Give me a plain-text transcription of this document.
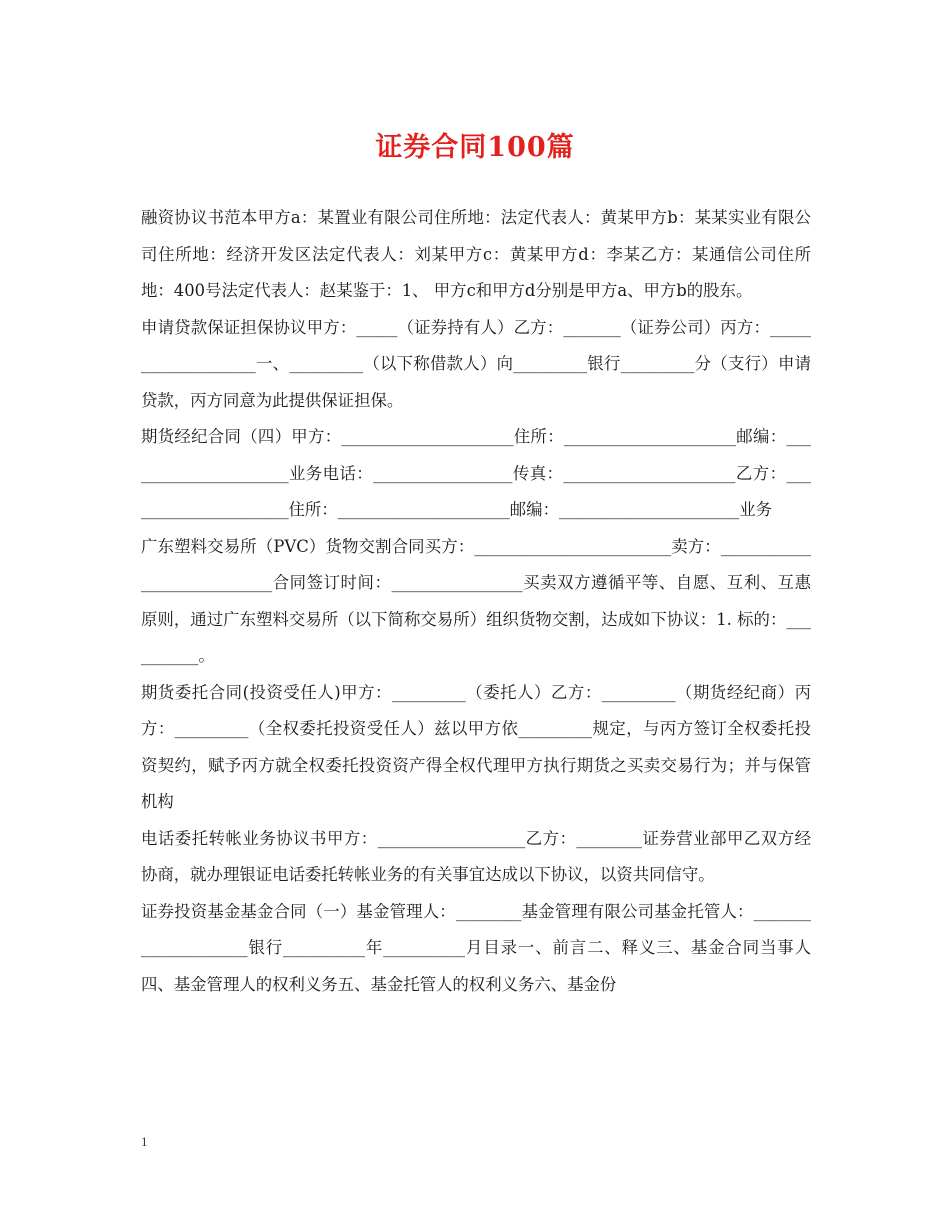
证券合同100篇

融资协议书范本甲方a：某置业有限公司住所地：法定代表人：黄某甲方b：某某实业有限公司住所地：经济开发区法定代表人：刘某甲方c：黄某甲方d：李某乙方：某通信公司住所地：400号法定代表人：赵某鉴于：1、 甲方c和甲方d分别是甲方a、甲方b的股东。

申请贷款保证担保协议甲方：_____（证券持有人）乙方：_______（证券公司）丙方：___________________一、_________（以下称借款人）向_________银行_________分（支行）申请贷款，丙方同意为此提供保证担保。

期货经纪合同（四）甲方：_____________________住所：_____________________邮编：_____________________业务电话：_________________传真：_____________________乙方：_____________________住所：_____________________邮编：______________________业务

广东塑料交易所（PVC）货物交割合同买方：________________________卖方：___________________________合同签订时间：________________买卖双方遵循平等、自愿、互利、互惠原则，通过广东塑料交易所（以下简称交易所）组织货物交割，达成如下协议：1. 标的：__________。

期货委托合同(投资受任人)甲方：_________（委托人）乙方：_________（期货经纪商）丙方：_________（全权委托投资受任人）兹以甲方依_________规定，与丙方签订全权委托投资契约，赋予丙方就全权委托投资资产得全权代理甲方执行期货之买卖交易行为；并与保管机构

电话委托转帐业务协议书甲方：__________________乙方：________证券营业部甲乙双方经协商，就办理银证电话委托转帐业务的有关事宜达成以下协议，以资共同信守。

证券投资基金基金合同（一）基金管理人：________基金管理有限公司基金托管人：____________________银行__________年__________月目录一、前言二、释义三、基金合同当事人四、基金管理人的权利义务五、基金托管人的权利义务六、基金份

1
